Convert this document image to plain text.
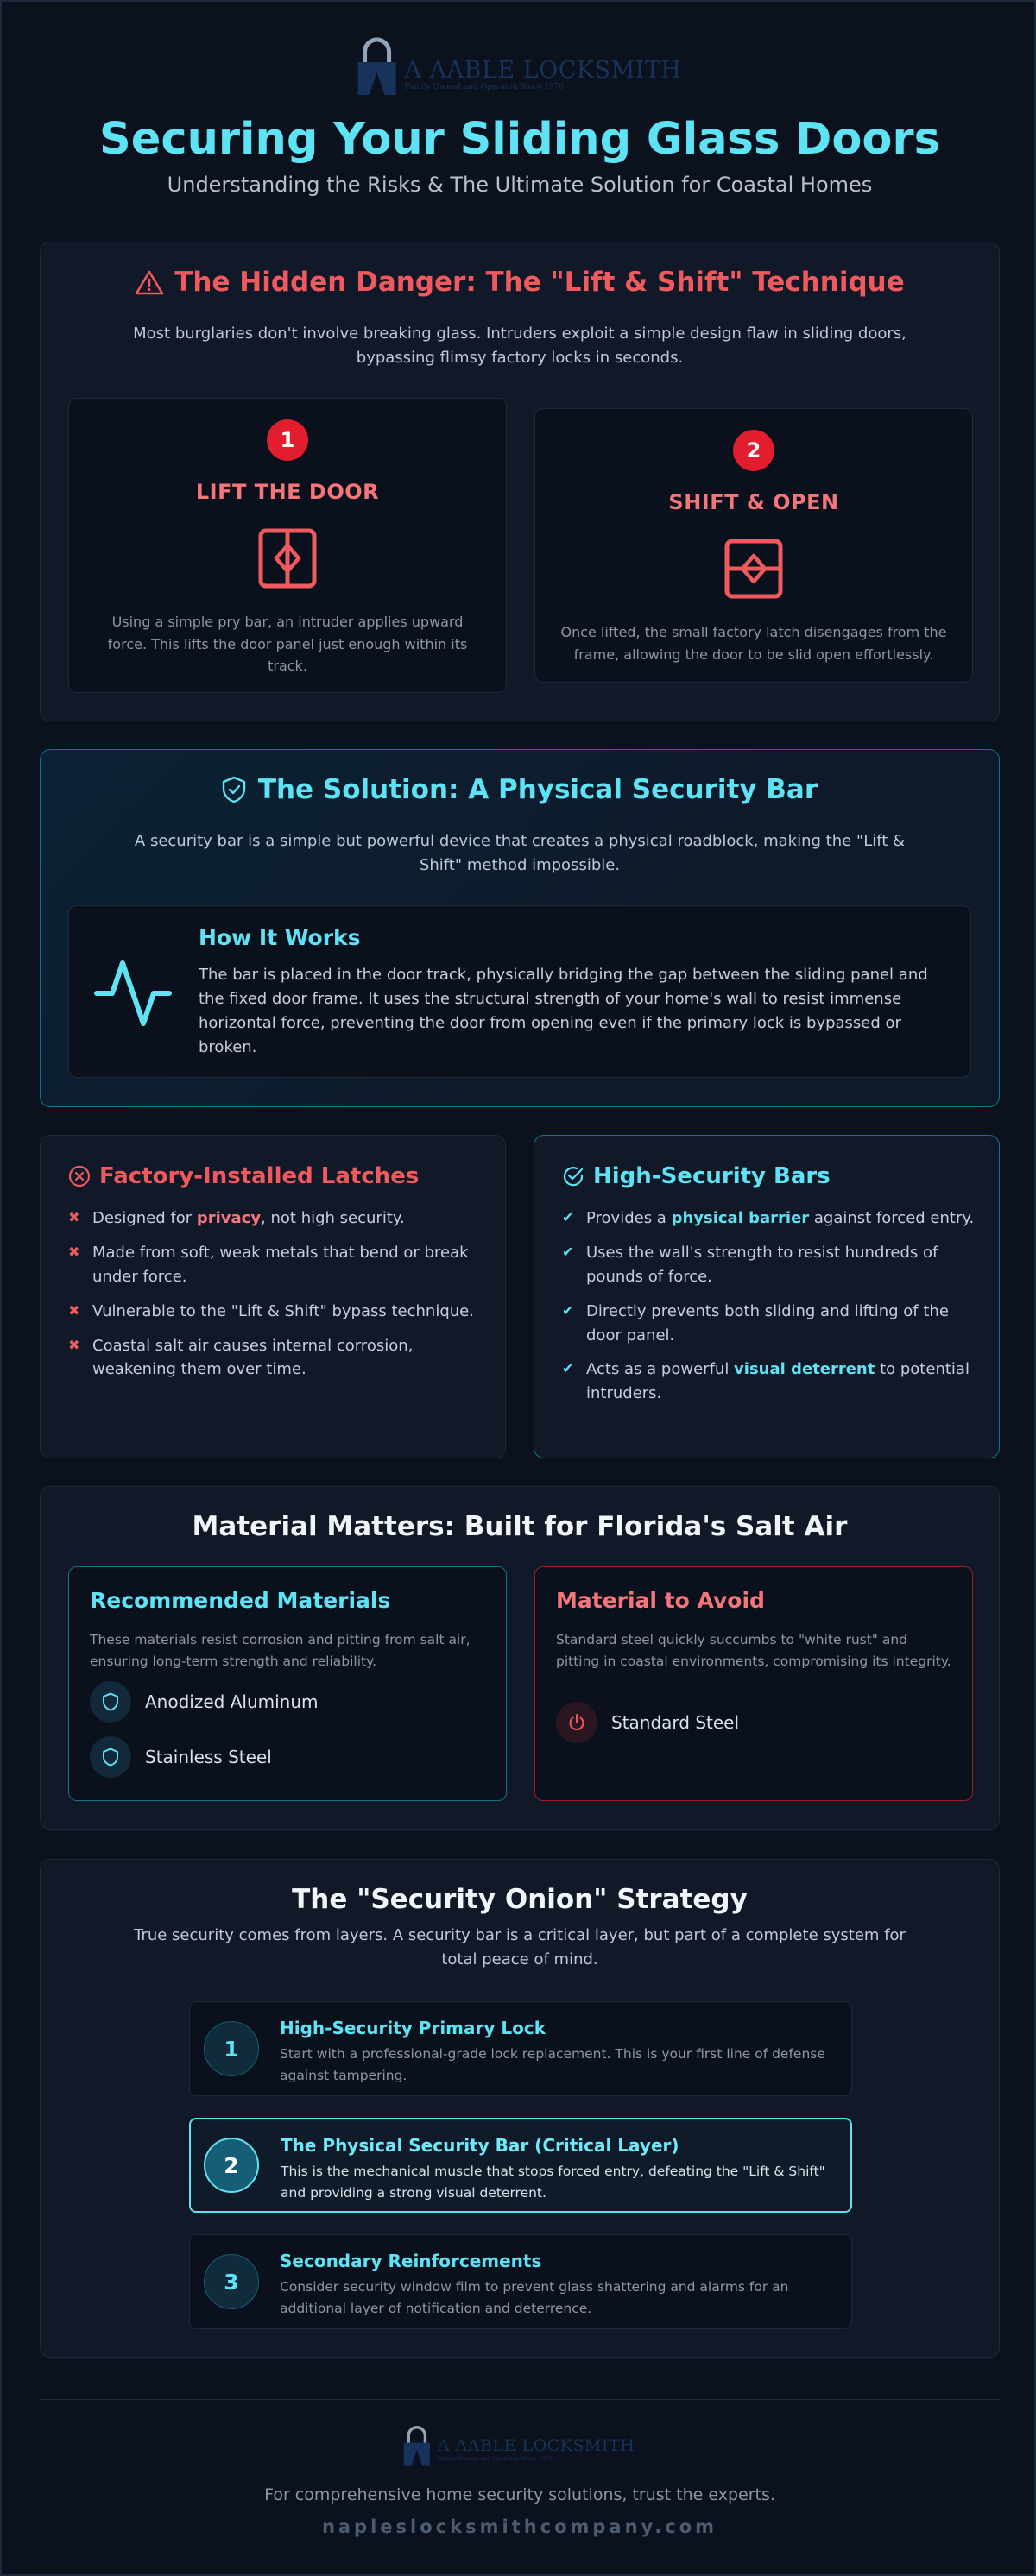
A AABLE LOCKSMITH
Family Owned and Operated Since 1976
Securing Your Sliding Glass Doors
Understanding the Risks & The Ultimate Solution for Coastal Homes
The Hidden Danger: The "Lift & Shift" Technique

Most burglaries don't involve breaking glass. Intruders exploit a simple design flaw in sliding doors, bypassing flimsy factory locks in seconds.

1
LIFT THE DOOR
Using a simple pry bar, an intruder applies upward force. This lifts the door panel just enough within its track.
2
SHIFT & OPEN
Once lifted, the small factory latch disengages from the frame, allowing the door to be slid open effortlessly.
The Solution: A Physical Security Bar

A security bar is a simple but powerful device that creates a physical roadblock, making the "Lift & Shift" method impossible.

How It Works
The bar is placed in the door track, physically bridging the gap between the sliding panel and the fixed door frame. It uses the structural strength of your home's wall to resist immense horizontal force, preventing the door from opening even if the primary lock is bypassed or broken.
Factory-Installed Latches
✖ Designed for privacy, not high security.
✖ Made from soft, weak metals that bend or break under force.
✖ Vulnerable to the "Lift & Shift" bypass technique.
✖ Coastal salt air causes internal corrosion, weakening them over time.
High-Security Bars
✔ Provides a physical barrier against forced entry.
✔ Uses the wall's strength to resist hundreds of pounds of force.
✔ Directly prevents both sliding and lifting of the door panel.
✔ Acts as a powerful visual deterrent to potential intruders.
Material Matters: Built for Florida's Salt Air
Recommended Materials

These materials resist corrosion and pitting from salt air, ensuring long-term strength and reliability.

Anodized Aluminum
Stainless Steel
Material to Avoid

Standard steel quickly succumbs to "white rust" and pitting in coastal environments, compromising its integrity.

Standard Steel
The "Security Onion" Strategy

True security comes from layers. A security bar is a critical layer, but part of a complete system for total peace of mind.

1
High-Security Primary Lock
Start with a professional-grade lock replacement. This is your first line of defense against tampering.
2
The Physical Security Bar (Critical Layer)
This is the mechanical muscle that stops forced entry, defeating the "Lift & Shift" and providing a strong visual deterrent.
3
Secondary Reinforcements
Consider security window film to prevent glass shattering and alarms for an additional layer of notification and deterrence.
A AABLE LOCKSMITH
Family Owned and Operated Since 1976
For comprehensive home security solutions, trust the experts.
napleslocksmithcompany.com
